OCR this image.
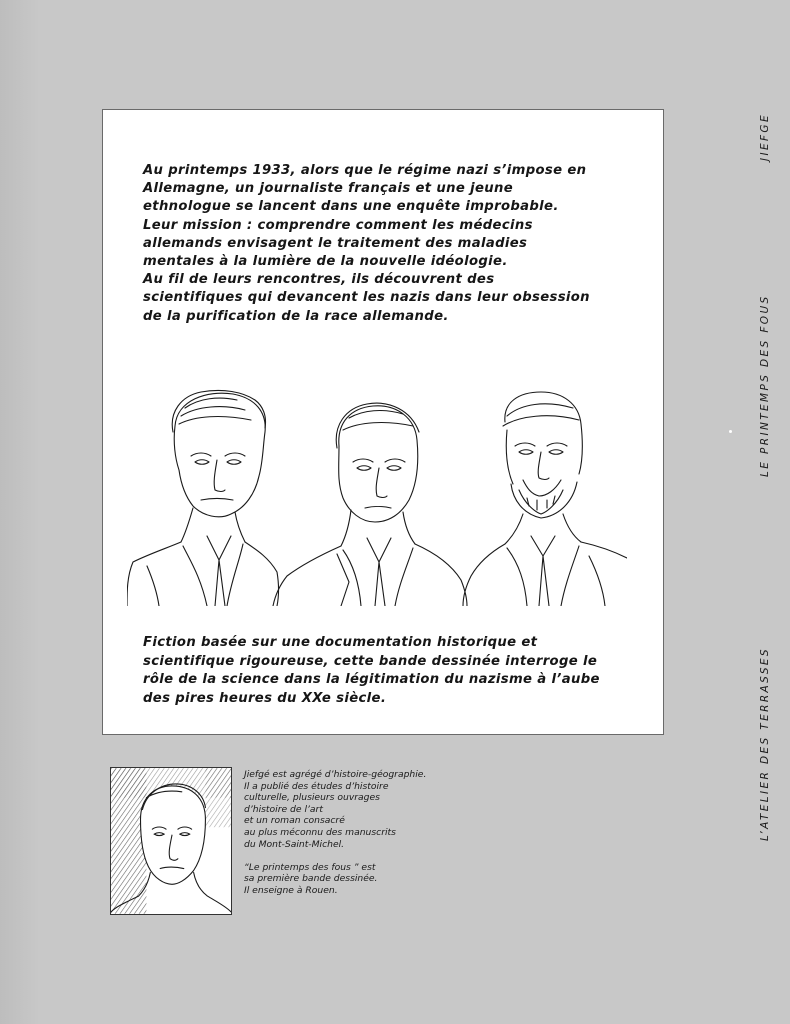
Au printemps 1933, alors que le régime nazi s’impose en
Allemagne, un journaliste français et une jeune
ethnologue se lancent dans une enquête improbable.
Leur mission : comprendre comment les médecins
allemands envisagent le traitement des maladies
mentales à la lumière de la nouvelle idéologie.
Au fil de leurs rencontres, ils découvrent des
scientifiques qui devancent les nazis dans leur obsession
de la purification de la race allemande.

Fiction basée sur une documentation historique et
scientifique rigoureuse, cette bande dessinée interroge le
rôle de la science dans la légitimation du nazisme à l’aube
des pires heures du XXe siècle.

Jiefgé est agrégé d’histoire-géographie.
Il a publié des études d’histoire
culturelle, plusieurs ouvrages
d’histoire de l’art
et un roman consacré
au plus méconnu des manuscrits
du Mont-Saint-Michel.
“Le printemps des fous ” est
sa première bande dessinée.
Il enseigne à Rouen.

JIEFGE
LE PRINTEMPS DES FOUS
L’ATELIER DES TERRASSES
